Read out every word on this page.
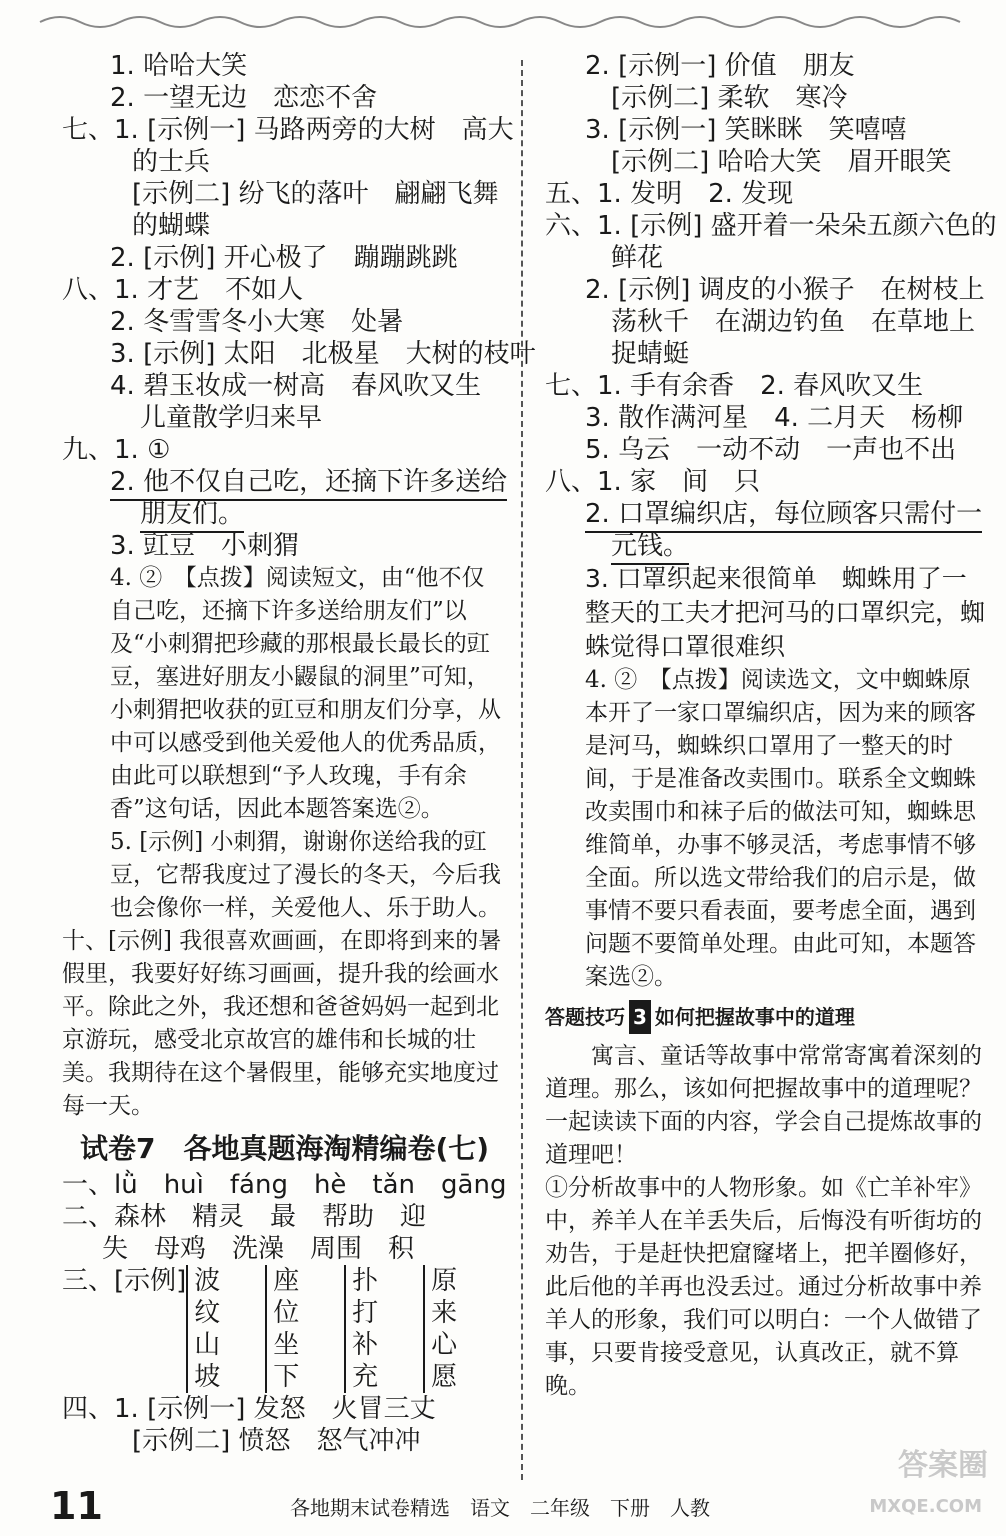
1. 哈哈大笑
2. 一望无边　恋恋不舍
七、1. [示例一] 马路两旁的大树　高大
的士兵
[示例二] 纷飞的落叶　翩翩飞舞
的蝴蝶
2. [示例] 开心极了　蹦蹦跳跳
八、1. 才艺　不如人
2. 冬雪雪冬小大寒　处暑
3. [示例] 太阳　北极星　大树的枝叶
4. 碧玉妆成一树高　春风吹又生
儿童散学归来早
九、1. ①
2. 他不仅自己吃，还摘下许多送给
朋友们。
3. 豇豆　小刺猬
4. ②　【点拨】阅读短文，由“他不仅自己吃，还摘下许多送给朋友们”以及“小刺猬把珍藏的那根最长最长的豇豆，塞进好朋友小鼹鼠的洞里”可知，小刺猬把收获的豇豆和朋友们分享，从中可以感受到他关爱他人的优秀品质，由此可以联想到“予人玫瑰，手有余香”这句话，因此本题答案选②。
5. [示例] 小刺猬，谢谢你送给我的豇豆，它帮我度过了漫长的冬天，今后我也会像你一样，关爱他人、乐于助人。
十、[示例] 我很喜欢画画，在即将到来的暑假里，我要好好练习画画，提升我的绘画水平。除此之外，我还想和爸爸妈妈一起到北京游玩，感受北京故宫的雄伟和长城的壮美。我期待在这个暑假里，能够充实地度过每一天。
试卷7　各地真题海淘精编卷(七)
一、lǜ　huì　fáng　hè　tǎn　gāng
二、森林　精灵　最　帮助　迎
失　母鸡　洗澡　周围　积
三、[示例] 波纹
山坡
座位
坐下
扑打
补充
原来
心愿
四、1. [示例一] 发怒　火冒三丈
[示例二] 愤怒　怒气冲冲
2. [示例一] 价值　朋友
[示例二] 柔软　寒冷
3. [示例一] 笑眯眯　笑嘻嘻
[示例二] 哈哈大笑　眉开眼笑
五、1. 发明　2. 发现
六、1. [示例] 盛开着一朵朵五颜六色的
鲜花
2. [示例] 调皮的小猴子　在树枝上
荡秋千　在湖边钓鱼　在草地上
捉蜻蜓
七、1. 手有余香　2. 春风吹又生
3. 散作满河星　4. 二月天　杨柳
5. 乌云　一动不动　一声也不出
八、1. 家　间　只
2. 口罩编织店，每位顾客只需付一
元钱。
3. 口罩织起来很简单　蜘蛛用了一整天的工夫才把河马的口罩织完，蜘蛛觉得口罩很难织
4. ②　【点拨】阅读选文，文中蜘蛛原本开了一家口罩编织店，因为来的顾客是河马，蜘蛛织口罩用了一整天的时间，于是准备改卖围巾。联系全文蜘蛛改卖围巾和袜子后的做法可知，蜘蛛思维简单，办事不够灵活，考虑事情不够全面。所以选文带给我们的启示是，做事情不要只看表面，要考虑全面，遇到问题不要简单处理。由此可知，本题答案选②。
答题技巧 3 如何把握故事中的道理
寓言、童话等故事中常常寄寓着深刻的道理。那么，该如何把握故事中的道理呢？一起读读下面的内容，学会自己提炼故事的道理吧！
①分析故事中的人物形象。如《亡羊补牢》中，养羊人在羊丢失后，后悔没有听街坊的劝告，于是赶快把窟窿堵上，把羊圈修好，此后他的羊再也没丢过。通过分析故事中养羊人的形象，我们可以明白：一个人做错了事，只要肯接受意见，认真改正，就不算晚。
11	各地期末试卷精选　语文　二年级　下册　人教
答案圈
MXQE.COM
